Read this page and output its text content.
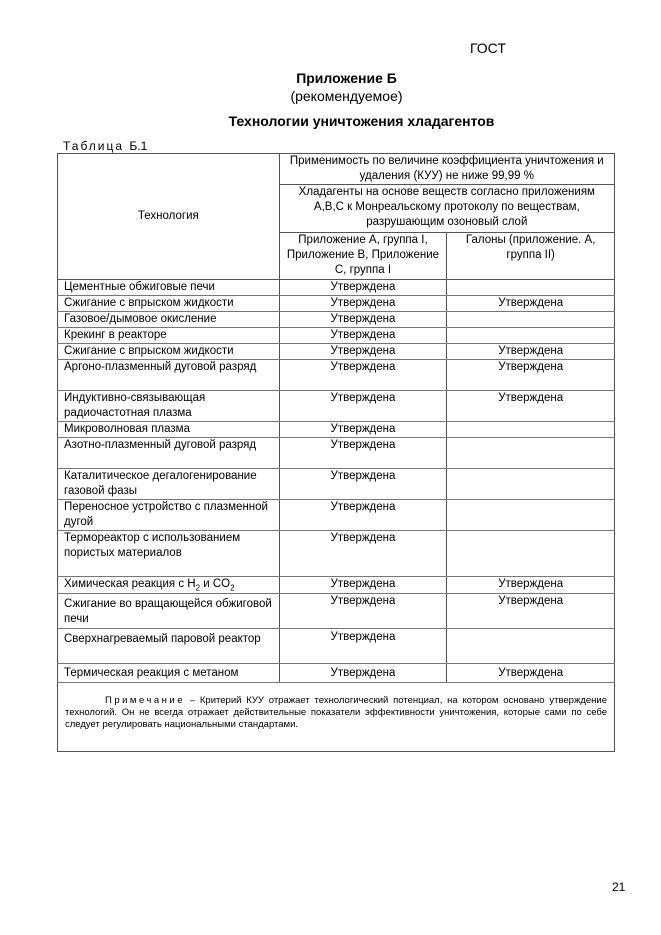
ГОСТ
Приложение Б
(рекомендуемое)
Технологии уничтожения хладагентов
Таблица Б.1
Технология	Применимость по величине коэффициента уничтожения и удаления (КУУ) не ниже 99,99 %	
	Хладагенты на основе веществ согласно приложениям А,В,С к Монреальскому протоколу по веществам, разрушающим озоновый слой	
	Приложение А, группа I, Приложение В, Приложение С, группа I	Галоны (приложение. А, группа II)
Цементные обжиговые печи	Утверждена	
Сжигание с впрыском жидкости	Утверждена	Утверждена
Газовое/дымовое окисление	Утверждена	
Крекинг в реакторе	Утверждена	
Сжигание с впрыском жидкости	Утверждена	Утверждена
Аргоно-плазменный дуговой разряд	Утверждена	Утверждена
Индуктивно-связывающая радиочастотная плазма	Утверждена	Утверждена
Микроволновая плазма	Утверждена	
Азотно-плазменный дуговой разряд	Утверждена	
Каталитическое дегалогенирование газовой фазы	Утверждена	
Переносное устройство с плазменной дугой	Утверждена	
Термореактор с использованием пористых материалов	Утверждена	
Химическая реакция с $H_2$ и $CO_2$	Утверждена	Утверждена
Сжигание во вращающейся обжиговой печи	Утверждена	Утверждена
Сверхнагреваемый паровой реактор	Утверждена	
Термическая реакция с метаном	Утверждена	Утверждена
Примечание – Критерий КУУ отражает технологический потенциал, на котором основано утверждение технологий. Он не всегда отражает действительные показатели эффективности уничтожения, которые сами по себе следует регулировать национальными стандартами.		
21
